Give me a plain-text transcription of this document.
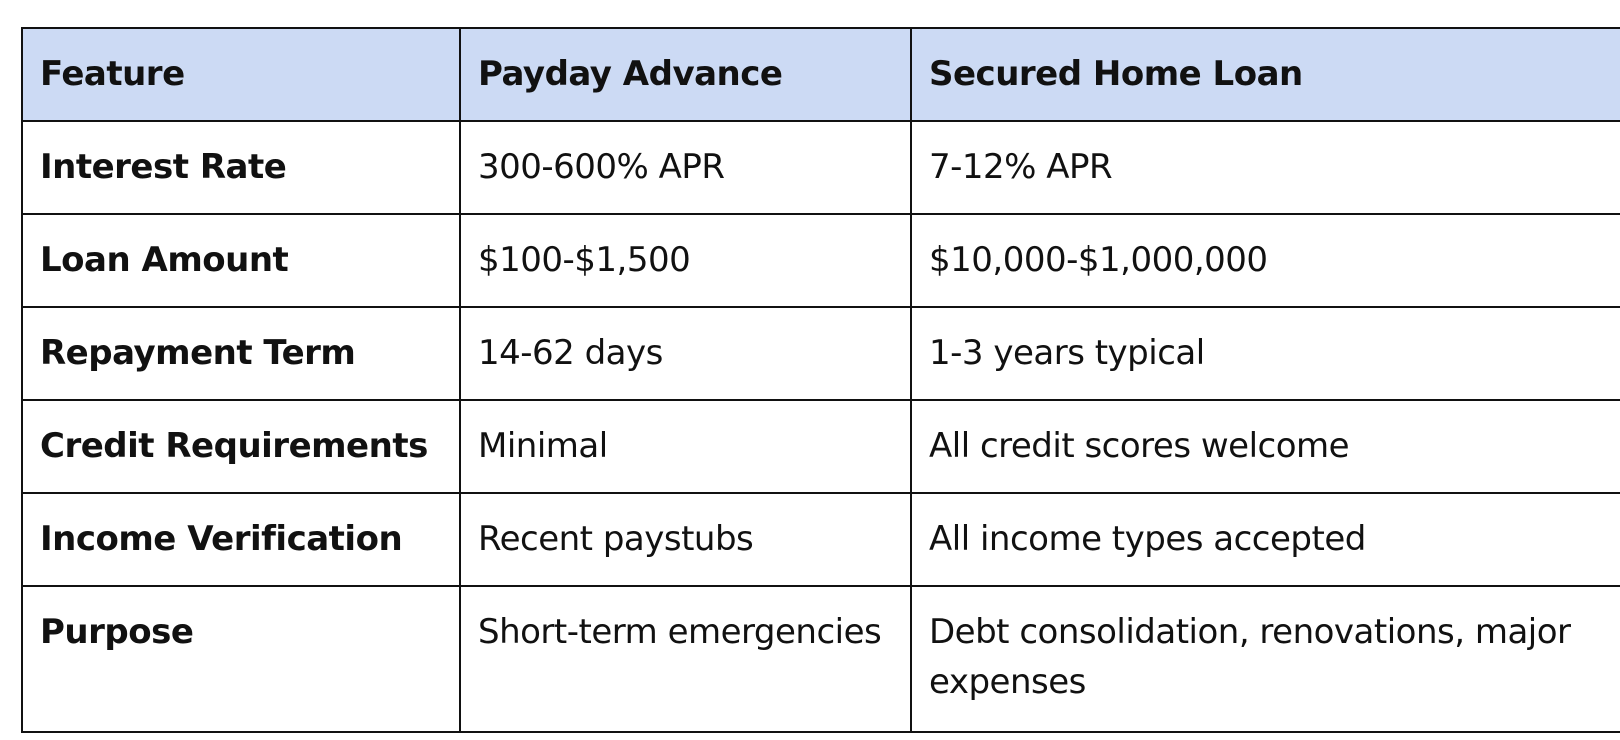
Feature	Payday Advance	Secured Home Loan
Interest Rate	300-600% APR	7-12% APR
Loan Amount	$100-$1,500	$10,000-$1,000,000
Repayment Term	14-62 days	1-3 years typical
Credit Requirements	Minimal	All credit scores welcome
Income Verification	Recent paystubs	All income types accepted
Purpose	Short-term emergencies	Debt consolidation, renovations, major expenses
